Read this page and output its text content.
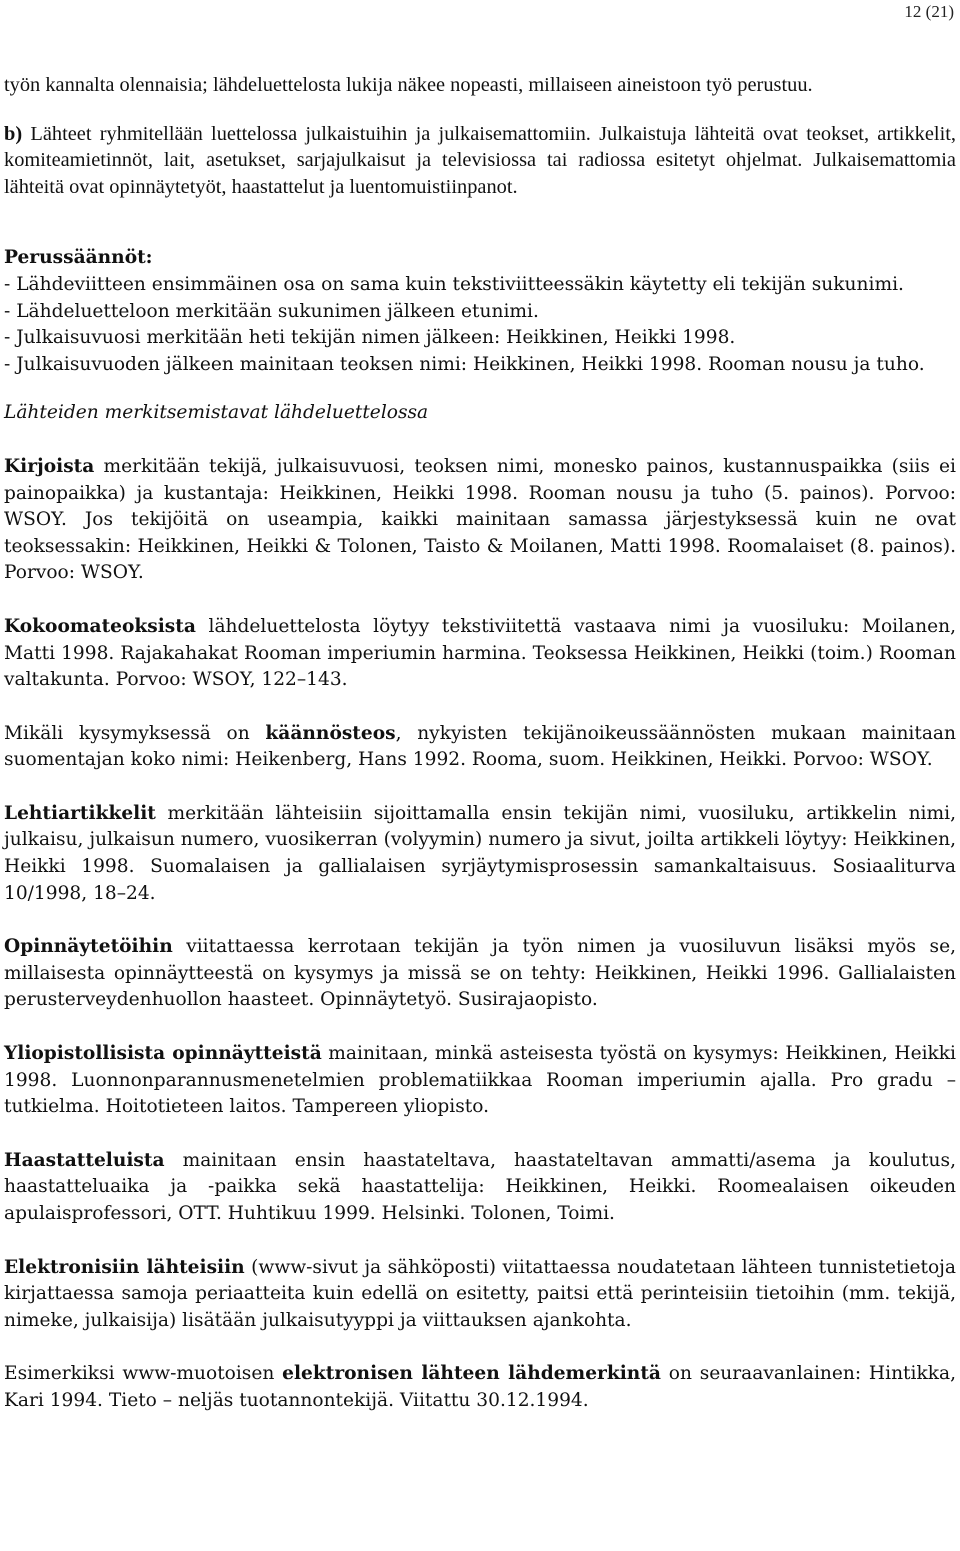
12 (21)

työn kannalta olennaisia; lähdeluettelosta lukija näkee nopeasti, millaiseen aineistoon työ perustuu.

b) Lähteet ryhmitellään luettelossa julkaistuihin ja julkaisemattomiin. Julkaistuja lähteitä ovat teokset, artikkelit, komiteamietinnöt, lait, asetukset, sarjajulkaisut ja televisiossa tai radiossa esitetyt ohjelmat. Julkaisemattomia lähteitä ovat opinnäytetyöt, haastattelut ja luentomuistiinpanot.

Perussäännöt:

- Lähdeviitteen ensimmäinen osa on sama kuin tekstiviitteessäkin käytetty eli tekijän sukunimi.

- Lähdeluetteloon merkitään sukunimen jälkeen etunimi.

- Julkaisuvuosi merkitään heti tekijän nimen jälkeen: Heikkinen, Heikki 1998.

- Julkaisuvuoden jälkeen mainitaan teoksen nimi: Heikkinen, Heikki 1998. Rooman nousu ja tuho.

Lähteiden merkitsemistavat lähdeluettelossa

Kirjoista merkitään tekijä, julkaisuvuosi, teoksen nimi, monesko painos, kustannuspaikka (siis ei painopaikka) ja kustantaja: Heikkinen, Heikki 1998. Rooman nousu ja tuho (5. painos). Porvoo: WSOY. Jos tekijöitä on useampia, kaikki mainitaan samassa järjestyksessä kuin ne ovat teoksessakin: Heikkinen, Heikki & Tolonen, Taisto & Moilanen, Matti 1998. Roomalaiset (8. painos). Porvoo: WSOY.

Kokoomateoksista lähdeluettelosta löytyy tekstiviitettä vastaava nimi ja vuosiluku: Moilanen, Matti 1998. Rajakahakat Rooman imperiumin harmina. Teoksessa Heikkinen, Heikki (toim.) Rooman valtakunta. Porvoo: WSOY, 122–143.

Mikäli kysymyksessä on käännösteos, nykyisten tekijänoikeussäännösten mukaan mainitaan suomentajan koko nimi: Heikenberg, Hans 1992. Rooma, suom. Heikkinen, Heikki. Porvoo: WSOY.

Lehtiartikkelit merkitään lähteisiin sijoittamalla ensin tekijän nimi, vuosiluku, artikkelin nimi, julkaisu, julkaisun numero, vuosikerran (volyymin) numero ja sivut, joilta artikkeli löytyy: Heikkinen, Heikki 1998. Suomalaisen ja gallialaisen syrjäytymisprosessin samankaltaisuus. Sosiaaliturva 10/1998, 18–24.

Opinnäytetöihin viitattaessa kerrotaan tekijän ja työn nimen ja vuosiluvun lisäksi myös se, millaisesta opinnäytteestä on kysymys ja missä se on tehty: Heikkinen, Heikki 1996. Gallialaisten perusterveydenhuollon haasteet. Opinnäytetyö. Susirajaopisto.

Yliopistollisista opinnäytteistä mainitaan, minkä asteisesta työstä on kysymys: Heikkinen, Heikki 1998. Luonnonparannusmenetelmien problematiikkaa Rooman imperiumin ajalla. Pro gradu –tutkielma. Hoitotieteen laitos. Tampereen yliopisto.

Haastatteluista mainitaan ensin haastateltava, haastateltavan ammatti/asema ja koulutus, haastatteluaika ja -paikka sekä haastattelija: Heikkinen, Heikki. Roomealaisen oikeuden apulaisprofessori, OTT. Huhtikuu 1999. Helsinki. Tolonen, Toimi.

Elektronisiin lähteisiin (www-sivut ja sähköposti) viitattaessa noudatetaan lähteen tunnistetietoja kirjattaessa samoja periaatteita kuin edellä on esitetty, paitsi että perinteisiin tietoihin (mm. tekijä, nimeke, julkaisija) lisätään julkaisutyyppi ja viittauksen ajankohta.

Esimerkiksi www-muotoisen elektronisen lähteen lähdemerkintä on seuraavanlainen: Hintikka, Kari 1994. Tieto – neljäs tuotannontekijä. Viitattu 30.12.1994.
